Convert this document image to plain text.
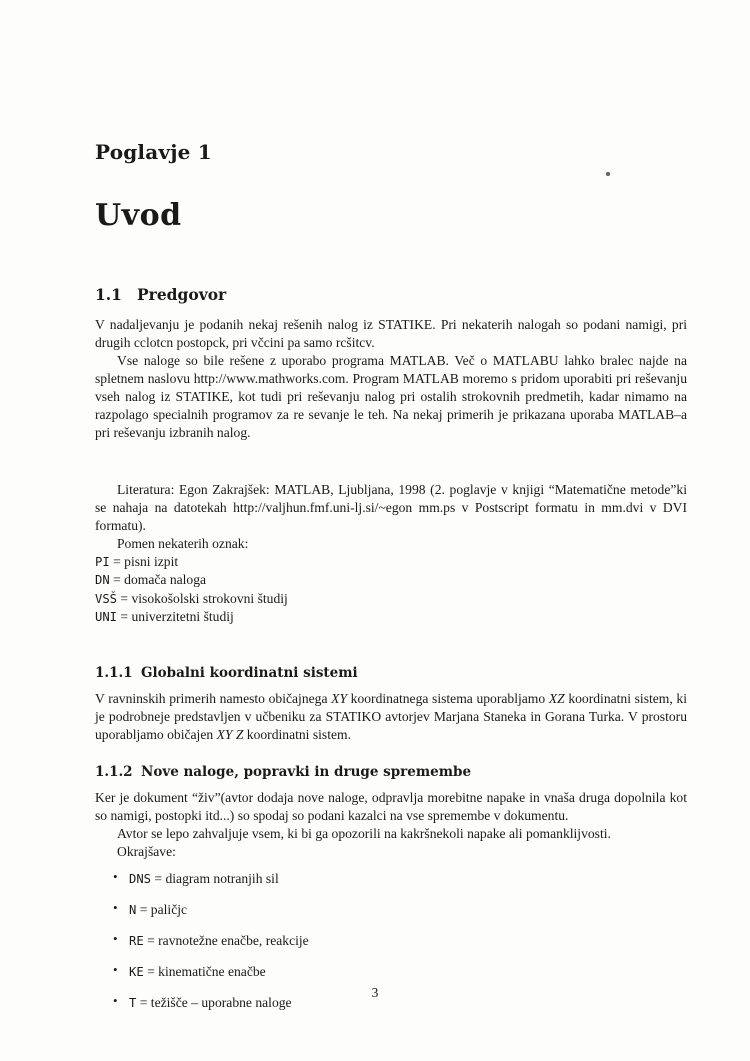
Poglavje 1
Uvod
1.1 Predgovor

V nadaljevanju je podanih nekaj rešenih nalog iz STATIKE. Pri nekaterih nalogah so podani namigi, pri drugih cclotcn postopck, pri včcini pa samo rcšitcv.

Vse naloge so bile rešene z uporabo programa MATLAB. Več o MATLABU lahko bralec najde na spletnem naslovu http://www.mathworks.com. Program MATLAB moremo s pridom uporabiti pri reševanju vseh nalog iz STATIKE, kot tudi pri reševanju nalog pri ostalih strokovnih predmetih, kadar nimamo na razpolago specialnih programov za re sevanje le teh. Na nekaj primerih je prikazana uporaba MATLAB–a pri reševanju izbranih nalog.

Literatura: Egon Zakrajšek: MATLAB, Ljubljana, 1998 (2. poglavje v knjigi “Matematične metode”ki se nahaja na datotekah http://valjhun.fmf.uni-lj.si/~egon mm.ps v Postscript formatu in mm.dvi v DVI formatu).

Pomen nekaterih oznak:

PI = pisni izpit
DN = domača naloga
VSŠ = visokošolski strokovni študij
UNI = univerzitetni študij
1.1.1 Globalni koordinatni sistemi

V ravninskih primerih namesto običajnega XY koordinatnega sistema uporabljamo XZ koordinatni sistem, ki je podrobneje predstavljen v učbeniku za STATIKO avtorjev Marjana Staneka in Gorana Turka. V prostoru uporabljamo običajen XY Z koordinatni sistem.

1.1.2 Nove naloge, popravki in druge spremembe

Ker je dokument “živ”(avtor dodaja nove naloge, odpravlja morebitne napake in vnaša druga dopolnila kot so namigi, postopki itd...) so spodaj so podani kazalci na vse spremembe v dokumentu.

Avtor se lepo zahvaljuje vsem, ki bi ga opozorili na kakršnekoli napake ali pomanklijvosti.

Okrajšave:

• DNS = diagram notranjih sil
• N = paličjc
• RE = ravnotežne enačbe, reakcije
• KE = kinematične enačbe
• T = težišče – uporabne naloge
3
